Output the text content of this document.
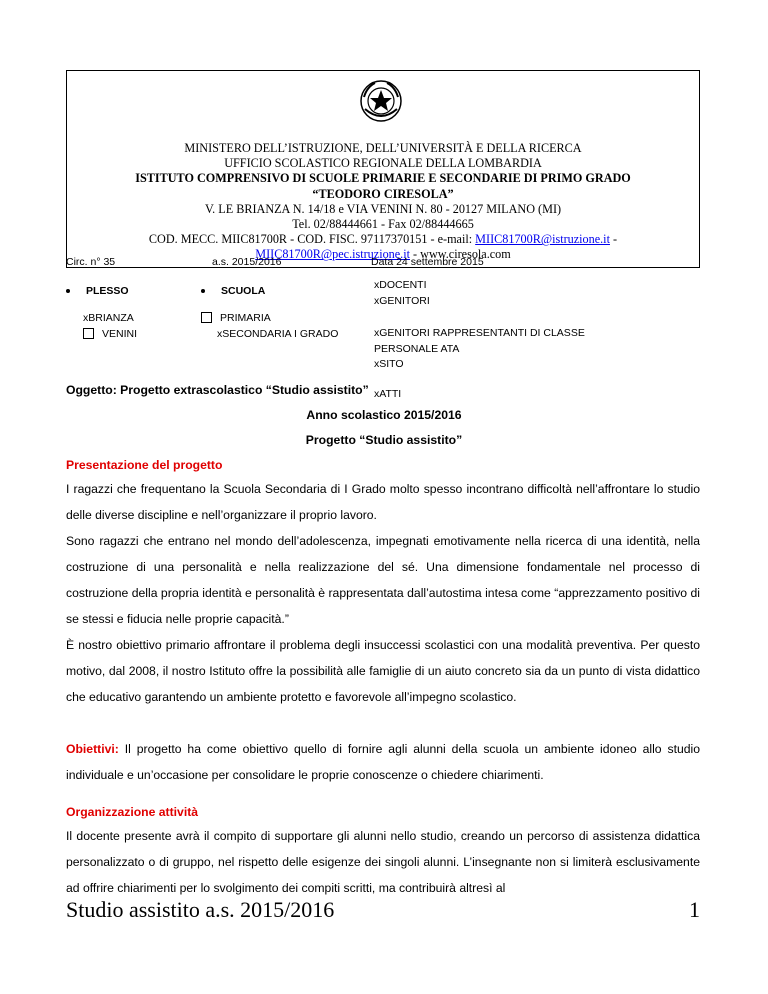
MINISTERO DELL’ISTRUZIONE, DELL’UNIVERSITÀ E DELLA RICERCA
UFFICIO SCOLASTICO REGIONALE DELLA LOMBARDIA
ISTITUTO COMPRENSIVO DI SCUOLE PRIMARIE E SECONDARIE DI PRIMO GRADO
“TEODORO CIRESOLA”
V. LE BRIANZA N. 14/18 e VIA VENINI N. 80 - 20127 MILANO (MI)
Tel. 02/88444661 - Fax 02/88444665
COD. MECC. MIIC81700R - COD. FISC. 97117370151 - e-mail: MIIC81700R@istruzione.it -
MIIC81700R@pec.istruzione.it - www.ciresola.com
Circ. n° 35	a.s. 2015/2016	Data 24 settembre 2015
PLESSO	SCUOLA
xBRIANZA
VENINI
PRIMARIA
xSECONDARIA I GRADO
xDOCENTI
xGENITORI
xGENITORI RAPPRESENTANTI DI CLASSE
PERSONALE ATA
xSITO
xATTI
Oggetto: Progetto extrascolastico “Studio assistito”
Anno scolastico 2015/2016
Progetto “Studio assistito”
Presentazione del progetto

I ragazzi che frequentano la Scuola Secondaria di I Grado molto spesso incontrano difficoltà nell’affrontare lo studio delle diverse discipline e nell’organizzare il proprio lavoro.

Sono ragazzi che entrano nel mondo dell’adolescenza, impegnati emotivamente nella ricerca di una identità, nella costruzione di una personalità e nella realizzazione del sé. Una dimensione fondamentale nel processo di costruzione della propria identità e personalità è rappresentata dall’autostima intesa come “apprezzamento positivo di se stessi e fiducia nelle proprie capacità.”

È nostro obiettivo primario affrontare il problema degli insuccessi scolastici con una modalità preventiva. Per questo motivo, dal 2008, il nostro Istituto offre la possibilità alle famiglie di un aiuto concreto sia da un punto di vista didattico che educativo garantendo un ambiente protetto e favorevole all’impegno scolastico.

Obiettivi: Il progetto ha come obiettivo quello di fornire agli alunni della scuola un ambiente idoneo allo studio individuale e un’occasione per consolidare le proprie conoscenze o chiedere chiarimenti.

Organizzazione attività

Il docente presente avrà il compito di supportare gli alunni nello studio, creando un percorso di assistenza didattica personalizzato o di gruppo, nel rispetto delle esigenze dei singoli alunni. L’insegnante non si limiterà esclusivamente ad offrire chiarimenti per lo svolgimento dei compiti scritti, ma contribuirà altresì al

Studio assistito a.s. 2015/2016	1
